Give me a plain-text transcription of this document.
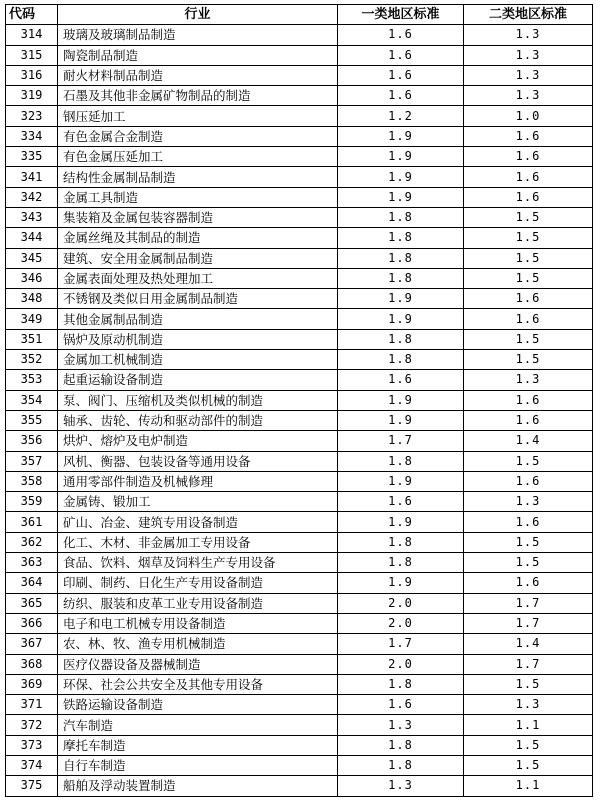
代码	行业	一类地区标准	二类地区标准
314	玻璃及玻璃制品制造	1.6	1.3
315	陶瓷制品制造	1.6	1.3
316	耐火材料制品制造	1.6	1.3
319	石墨及其他非金属矿物制品的制造	1.6	1.3
323	钢压延加工	1.2	1.0
334	有色金属合金制造	1.9	1.6
335	有色金属压延加工	1.9	1.6
341	结构性金属制品制造	1.9	1.6
342	金属工具制造	1.9	1.6
343	集装箱及金属包装容器制造	1.8	1.5
344	金属丝绳及其制品的制造	1.8	1.5
345	建筑、安全用金属制品制造	1.8	1.5
346	金属表面处理及热处理加工	1.8	1.5
348	不锈钢及类似日用金属制品制造	1.9	1.6
349	其他金属制品制造	1.9	1.6
351	锅炉及原动机制造	1.8	1.5
352	金属加工机械制造	1.8	1.5
353	起重运输设备制造	1.6	1.3
354	泵、阀门、压缩机及类似机械的制造	1.9	1.6
355	轴承、齿轮、传动和驱动部件的制造	1.9	1.6
356	烘炉、熔炉及电炉制造	1.7	1.4
357	风机、衡器、包装设备等通用设备	1.8	1.5
358	通用零部件制造及机械修理	1.9	1.6
359	金属铸、锻加工	1.6	1.3
361	矿山、冶金、建筑专用设备制造	1.9	1.6
362	化工、木材、非金属加工专用设备	1.8	1.5
363	食品、饮料、烟草及饲料生产专用设备	1.8	1.5
364	印刷、制药、日化生产专用设备制造	1.9	1.6
365	纺织、服装和皮革工业专用设备制造	2.0	1.7
366	电子和电工机械专用设备制造	2.0	1.7
367	农、林、牧、渔专用机械制造	1.7	1.4
368	医疗仪器设备及器械制造	2.0	1.7
369	环保、社会公共安全及其他专用设备	1.8	1.5
371	铁路运输设备制造	1.6	1.3
372	汽车制造	1.3	1.1
373	摩托车制造	1.8	1.5
374	自行车制造	1.8	1.5
375	船舶及浮动装置制造	1.3	1.1
